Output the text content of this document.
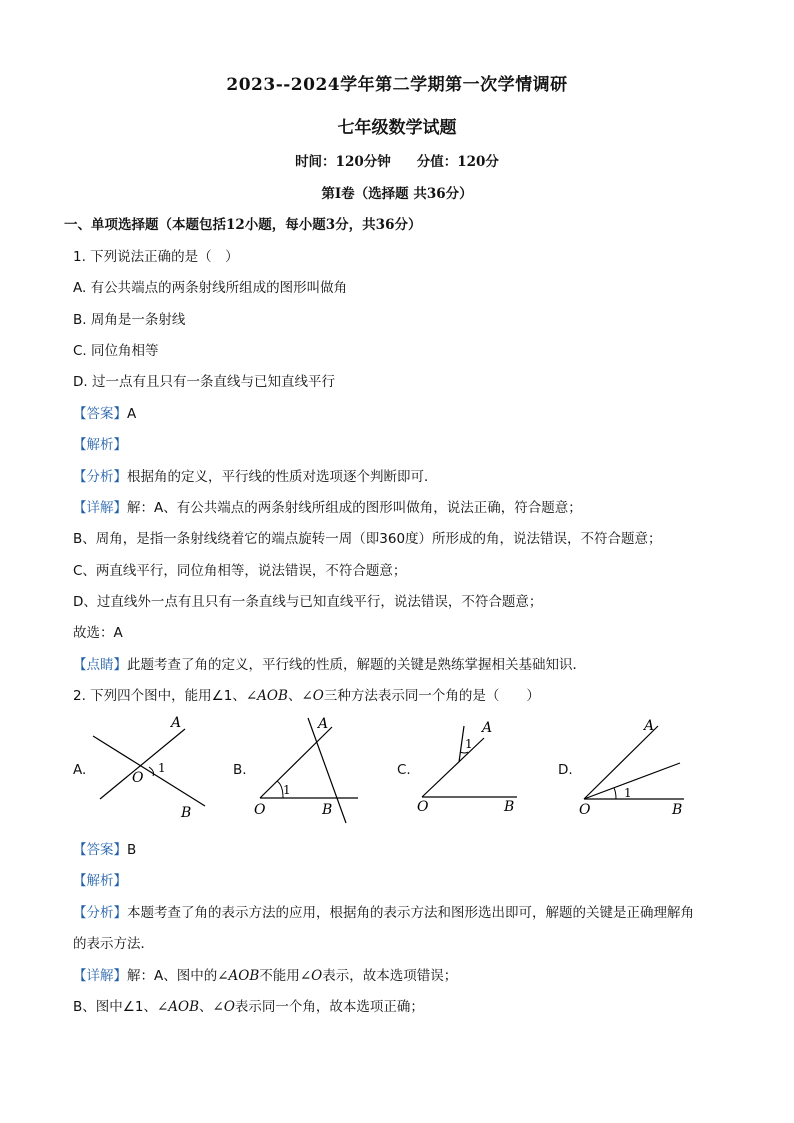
2023--2024学年第二学期第一次学情调研
七年级数学试题
时间：120分钟 分值：120分
第Ⅰ卷（选择题 共36分）
一、单项选择题（本题包括12小题，每小题3分，共36分）
1. 下列说法正确的是（　）
A. 有公共端点的两条射线所组成的图形叫做角
B. 周角是一条射线
C. 同位角相等
D. 过一点有且只有一条直线与已知直线平行
【答案】A
【解析】
【分析】根据角的定义，平行线的性质对选项逐个判断即可．
【详解】解：A、有公共端点的两条射线所组成的图形叫做角，说法正确，符合题意；
B、周角，是指一条射线绕着它的端点旋转一周（即360度）所形成的角，说法错误，不符合题意；
C、两直线平行，同位角相等，说法错误，不符合题意；
D、过直线外一点有且只有一条直线与已知直线平行，说法错误，不符合题意；
故选：A
【点睛】此题考查了角的定义，平行线的性质，解题的关键是熟练掌握相关基础知识．
2. 下列四个图中，能用∠1、∠AOB、∠O三种方法表示同一个角的是（　　）
A.	B.	C.	D.
A
O
1
B
A
O
1
B
A
O
1
B
A
O
1
B
【答案】B
【解析】
【分析】本题考查了角的表示方法的应用，根据角的表示方法和图形选出即可，解题的关键是正确理解角
的表示方法．
【详解】解：A、图中的∠AOB不能用∠O表示，故本选项错误；
B、图中∠1、∠AOB、∠O表示同一个角，故本选项正确；
